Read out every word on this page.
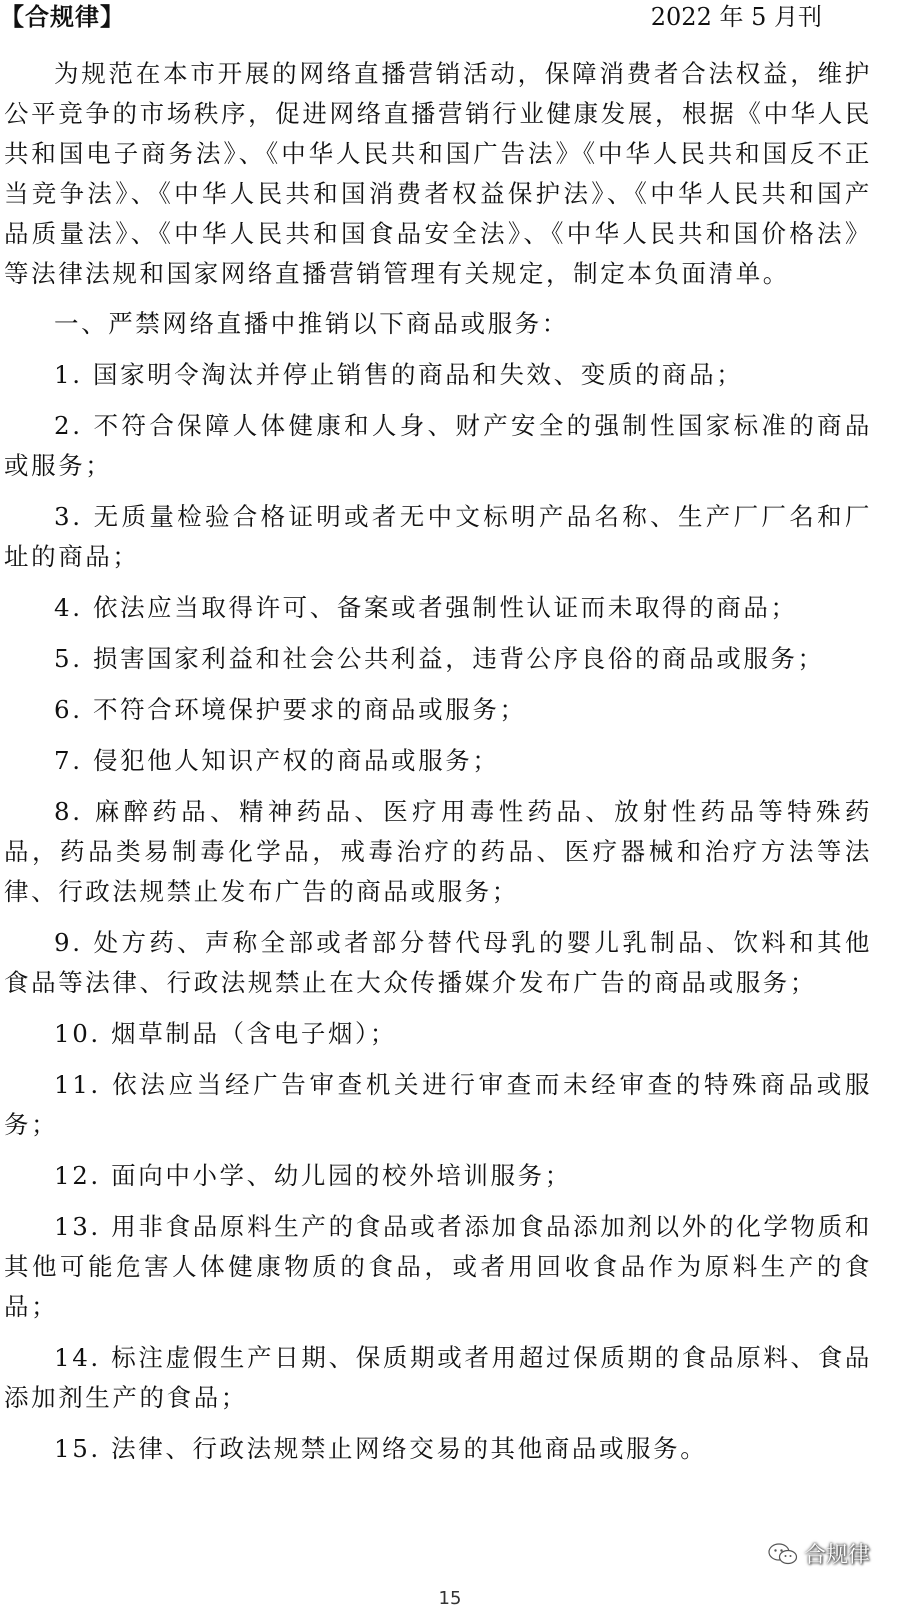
【合规律】	2022 年 5 月刊

为规范在本市开展的网络直播营销活动，保障消费者合法权益，维护公平竞争的市场秩序，促进网络直播营销行业健康发展，根据《中华人民共和国电子商务法》、《中华人民共和国广告法》《中华人民共和国反不正当竞争法》、《中华人民共和国消费者权益保护法》、《中华人民共和国产品质量法》、《中华人民共和国食品安全法》、《中华人民共和国价格法》等法律法规和国家网络直播营销管理有关规定，制定本负面清单。

一、严禁网络直播中推销以下商品或服务：

1. 国家明令淘汰并停止销售的商品和失效、变质的商品；

2. 不符合保障人体健康和人身、财产安全的强制性国家标准的商品或服务；

3. 无质量检验合格证明或者无中文标明产品名称、生产厂厂名和厂址的商品；

4. 依法应当取得许可、备案或者强制性认证而未取得的商品；

5. 损害国家利益和社会公共利益，违背公序良俗的商品或服务；

6. 不符合环境保护要求的商品或服务；

7. 侵犯他人知识产权的商品或服务；

8. 麻醉药品、精神药品、医疗用毒性药品、放射性药品等特殊药品，药品类易制毒化学品，戒毒治疗的药品、医疗器械和治疗方法等法律、行政法规禁止发布广告的商品或服务；

9. 处方药、声称全部或者部分替代母乳的婴儿乳制品、饮料和其他食品等法律、行政法规禁止在大众传播媒介发布广告的商品或服务；

10. 烟草制品（含电子烟）；

11. 依法应当经广告审查机关进行审查而未经审查的特殊商品或服务；

12. 面向中小学、幼儿园的校外培训服务；

13. 用非食品原料生产的食品或者添加食品添加剂以外的化学物质和其他可能危害人体健康物质的食品，或者用回收食品作为原料生产的食品；

14. 标注虚假生产日期、保质期或者用超过保质期的食品原料、食品添加剂生产的食品；

15. 法律、行政法规禁止网络交易的其他商品或服务。

合规律
15
